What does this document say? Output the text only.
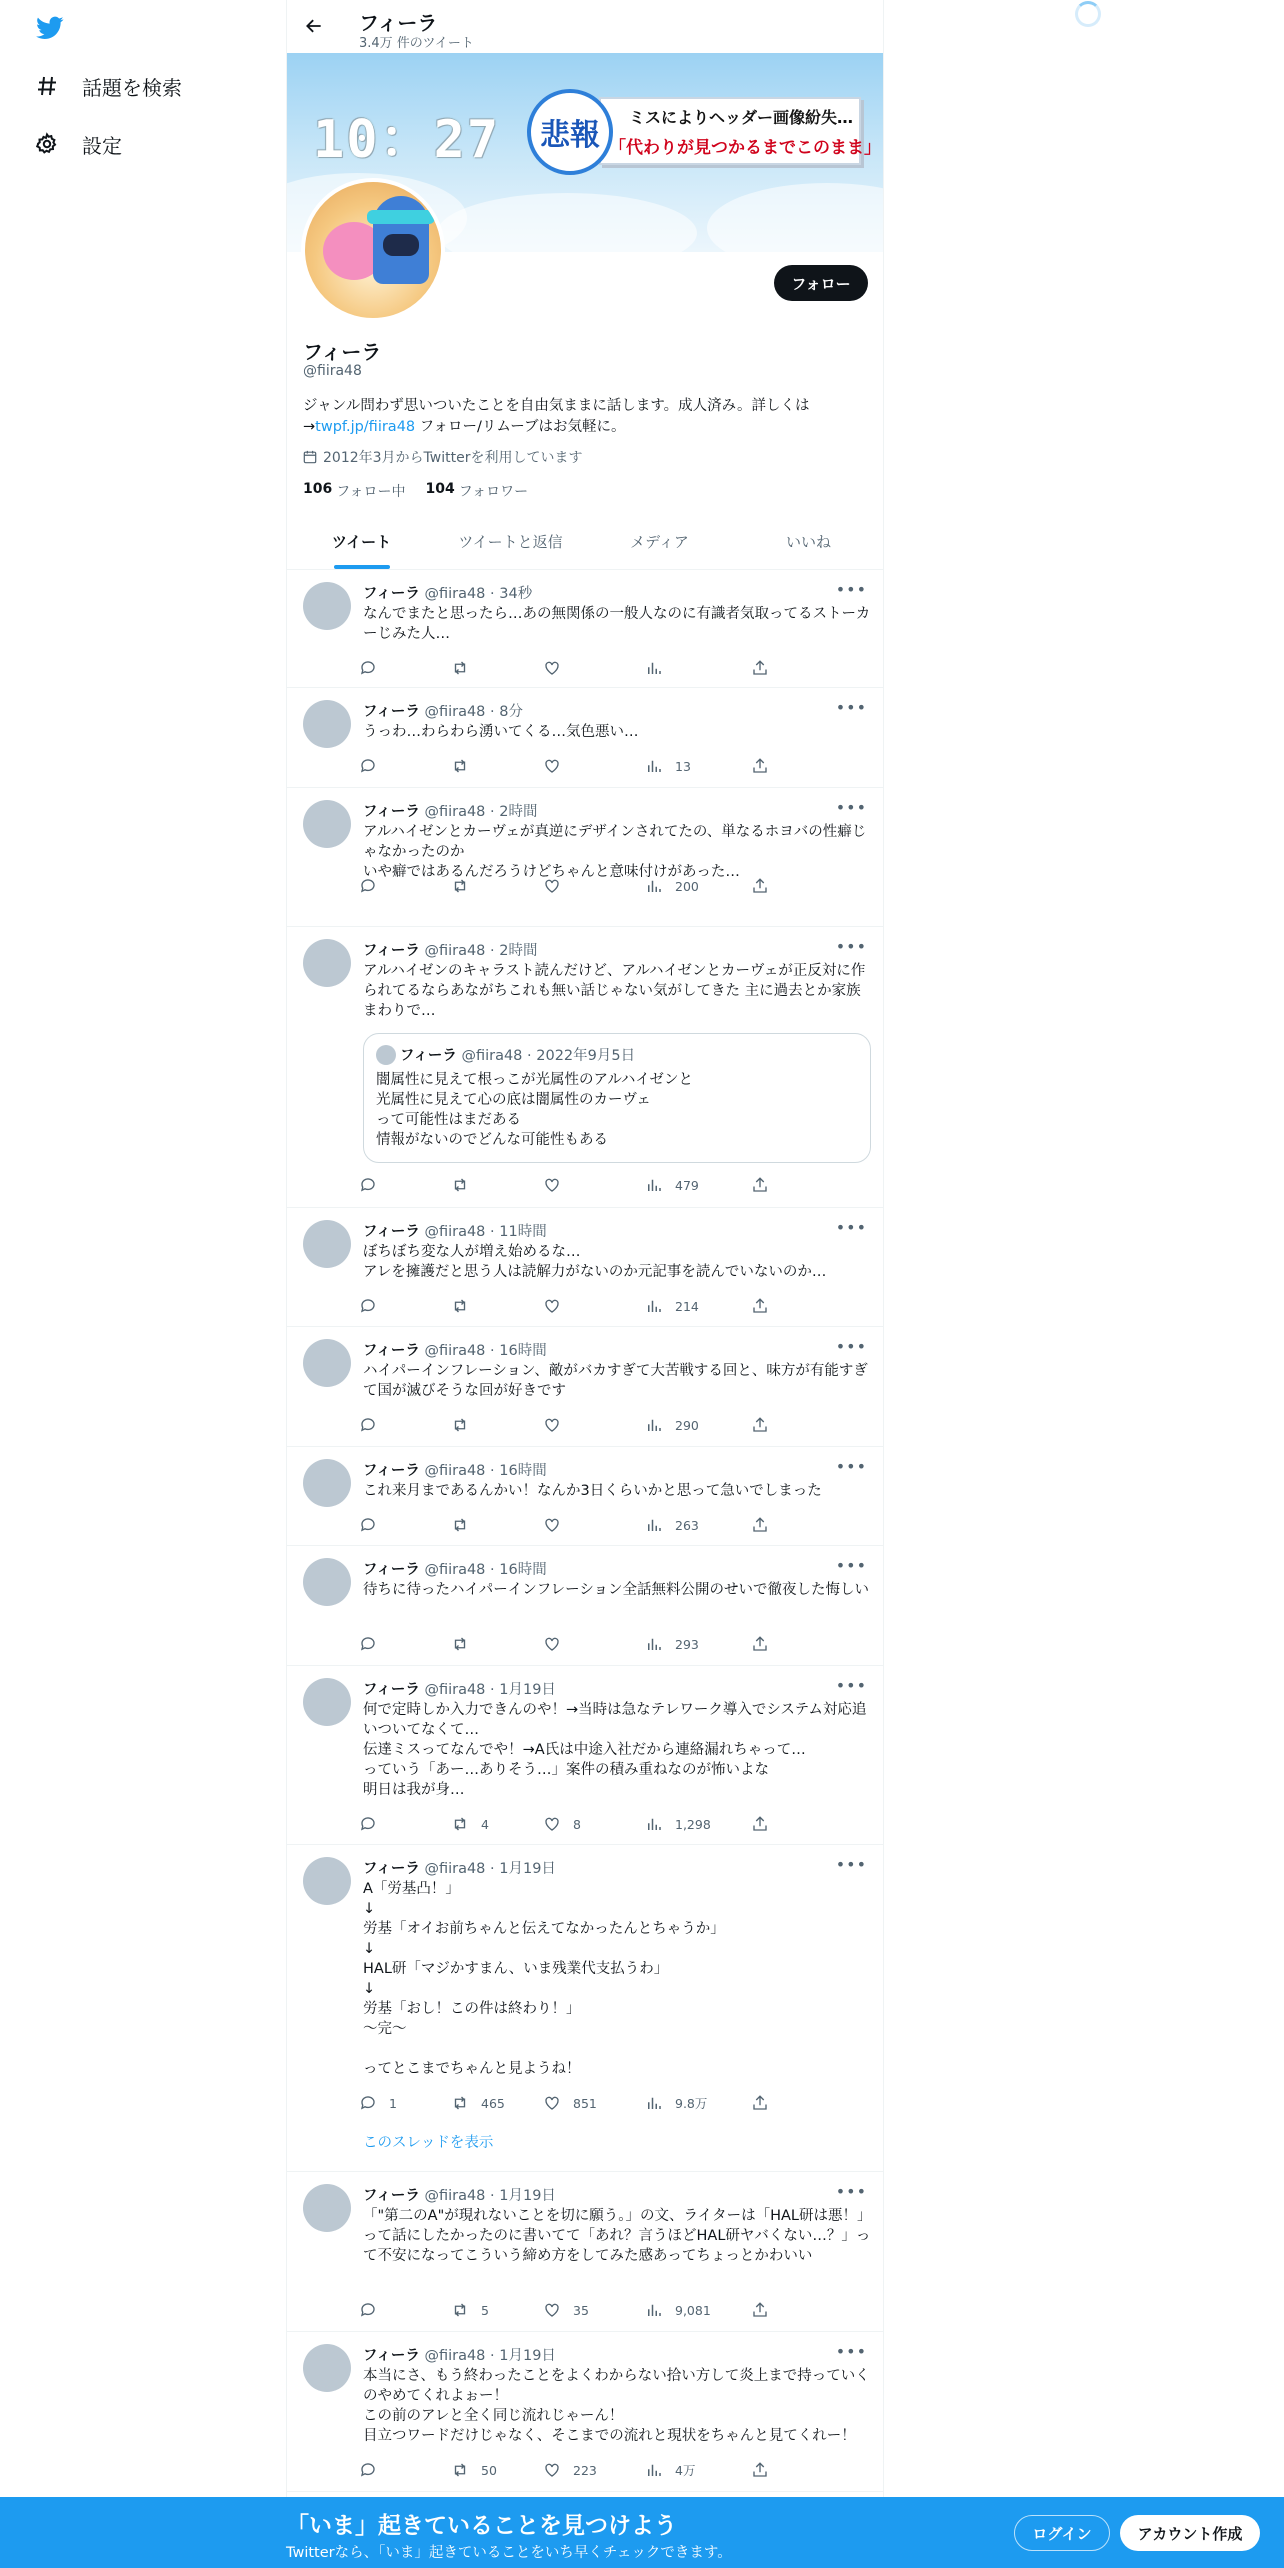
話題を検索
設定
フィーラ
3.4万 件のツイート
10：27	ミスによりヘッダー画像紛失…
「代わりが見つかるまでこのまま」
悲報
フォロー
フィーラ
@fiira48
ジャンル問わず思いついたことを自由気ままに話します。成人済み。詳しくは→twpf.jp/fiira48 フォロー/リムーブはお気軽に。
2012年3月からTwitterを利用しています
106 フォロー中 104 フォロワー
ツイート	ツイートと返信	メディア	いいね
フィーラ @fiira48 · 34秒	•••
なんでまたと思ったら…あの無関係の一般人なのに有識者気取ってるストーカーじみた人…
フィーラ @fiira48 · 8分	•••
うっわ…わらわら湧いてくる…気色悪い…
13
フィーラ @fiira48 · 2時間	•••
アルハイゼンとカーヴェが真逆にデザインされてたの、単なるホヨバの性癖じゃなかったのか
いや癖ではあるんだろうけどちゃんと意味付けがあった…
200
フィーラ @fiira48 · 2時間	•••
アルハイゼンのキャラスト読んだけど、アルハイゼンとカーヴェが正反対に作られてるならあながちこれも無い話じゃない気がしてきた 主に過去とか家族まわりで…
フィーラ
@fiira48 · 2022年9月5日
闇属性に見えて根っこが光属性のアルハイゼンと
光属性に見えて心の底は闇属性のカーヴェ
って可能性はまだある
情報がないのでどんな可能性もある
479
フィーラ @fiira48 · 11時間	•••
ぼちぼち変な人が増え始めるな…
アレを擁護だと思う人は読解力がないのか元記事を読んでいないのか…
214
フィーラ @fiira48 · 16時間	•••
ハイパーインフレーション、敵がバカすぎて大苦戦する回と、味方が有能すぎて国が滅びそうな回が好きです
290
フィーラ @fiira48 · 16時間	•••
これ来月まであるんかい！なんか3日くらいかと思って急いでしまった
263
フィーラ @fiira48 · 16時間	•••
待ちに待ったハイパーインフレーション全話無料公開のせいで徹夜した悔しい
293
フィーラ @fiira48 · 1月19日	•••
何で定時しか入力できんのや！→当時は急なテレワーク導入でシステム対応追いついてなくて…
伝達ミスってなんでや！→A氏は中途入社だから連絡漏れちゃって…
っていう「あー…ありそう…」案件の積み重ねなのが怖いよな
明日は我が身…
4	8	1,298
フィーラ @fiira48 · 1月19日	•••
A「労基凸！」
↓
労基「オイお前ちゃんと伝えてなかったんとちゃうか」
↓
HAL研「マジかすまん、いま残業代支払うわ」
↓
労基「おし！この件は終わり！」
〜完〜

ってとこまでちゃんと見ようね！
1	465	851	9.8万
このスレッドを表示
フィーラ @fiira48 · 1月19日	•••
「"第二のA"が現れないことを切に願う。」の文、ライターは「HAL研は悪！」って話にしたかったのに書いてて「あれ？言うほどHAL研ヤバくない…？」って不安になってこういう締め方をしてみた感あってちょっとかわいい
5	35	9,081
フィーラ @fiira48 · 1月19日	•••
本当にさ、もう終わったことをよくわからない拾い方して炎上まで持っていくのやめてくれよぉー！
この前のアレと全く同じ流れじゃーん！
目立つワードだけじゃなく、そこまでの流れと現状をちゃんと見てくれー！
50	223	4万
「いま」起きていることを見つけよう
Twitterなら、「いま」起きていることをいち早くチェックできます。
ログイン	アカウント作成
